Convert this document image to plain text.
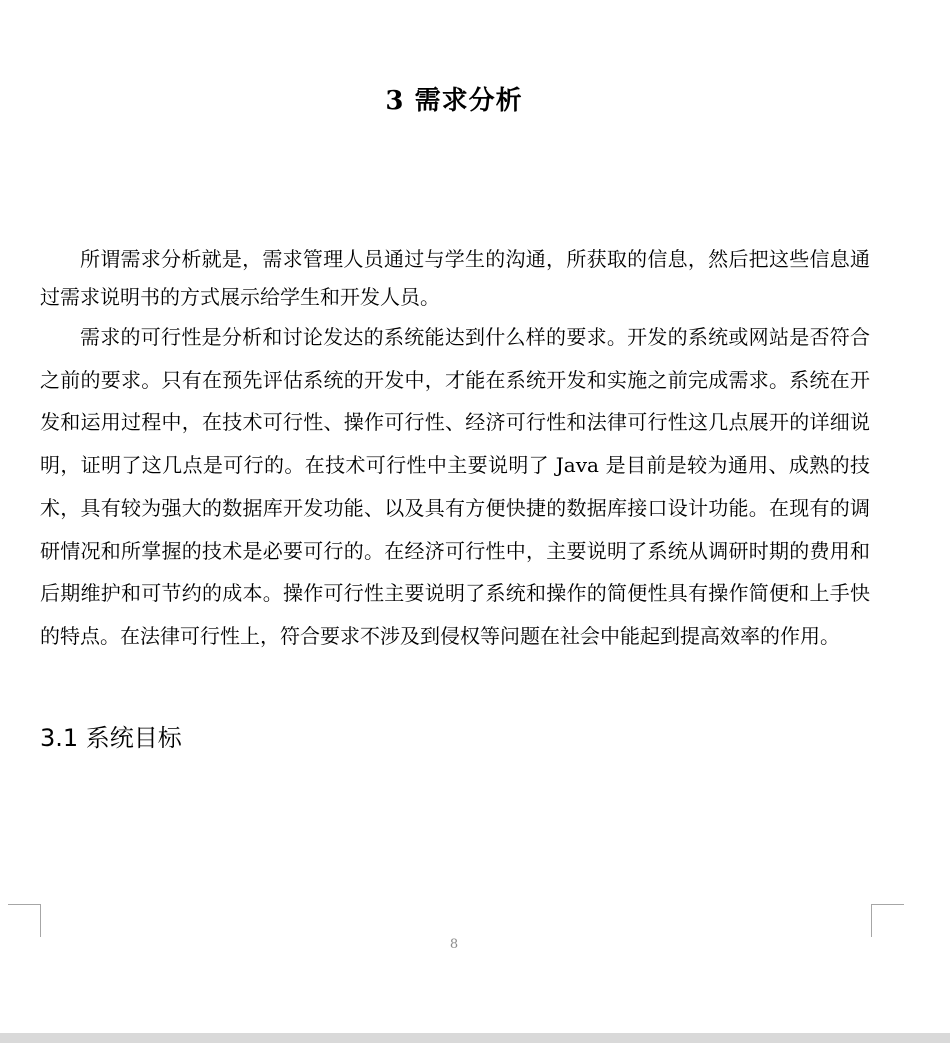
3 需求分析

所谓需求分析就是，需求管理人员通过与学生的沟通，所获取的信息，然后把这些信息通过需求说明书的方式展示给学生和开发人员。

需求的可行性是分析和讨论发达的系统能达到什么样的要求。开发的系统或网站是否符合之前的要求。只有在预先评估系统的开发中，才能在系统开发和实施之前完成需求。系统在开发和运用过程中，在技术可行性、操作可行性、经济可行性和法律可行性这几点展开的详细说明，证明了这几点是可行的。在技术可行性中主要说明了 Java 是目前是较为通用、成熟的技术，具有较为强大的数据库开发功能、以及具有方便快捷的数据库接口设计功能。在现有的调研情况和所掌握的技术是必要可行的。在经济可行性中，主要说明了系统从调研时期的费用和后期维护和可节约的成本。操作可行性主要说明了系统和操作的简便性具有操作简便和上手快的特点。在法律可行性上，符合要求不涉及到侵权等问题在社会中能起到提高效率的作用。

3.1 系统目标
8
